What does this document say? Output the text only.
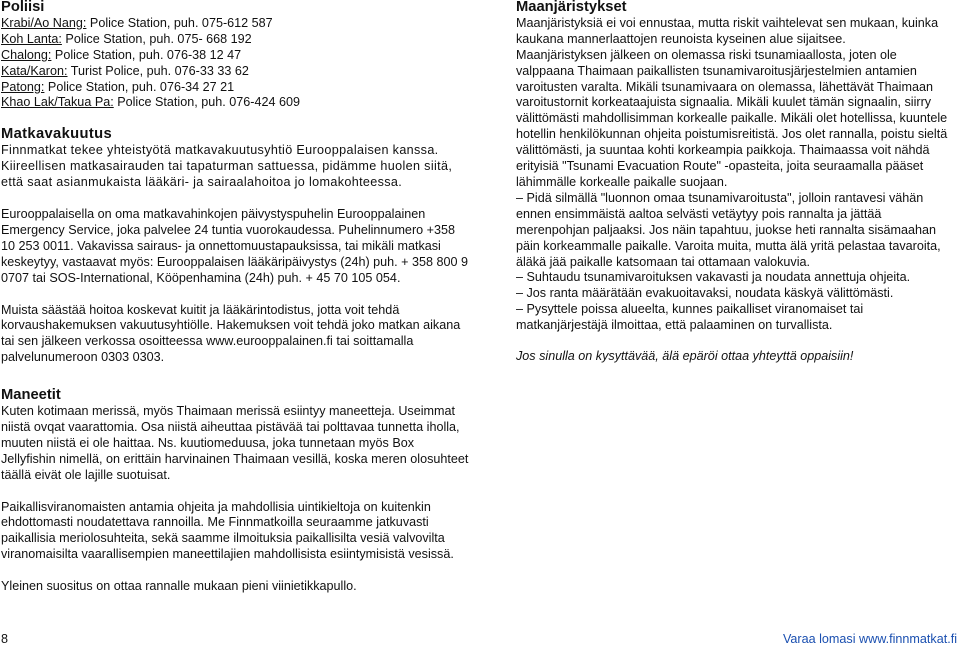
Poliisi

Krabi/Ao Nang: Police Station, puh. 075-612 587

Koh Lanta: Police Station, puh. 075- 668 192

Chalong: Police Station, puh. 076-38 12 47

Kata/Karon: Turist Police, puh. 076-33 33 62

Patong: Police Station, puh. 076-34 27 21

Khao Lak/Takua Pa: Police Station, puh. 076-424 609

Matkavakuutus

Finnmatkat tekee yhteistyötä matkavakuutusyhtiö Eurooppalaisen kanssa. Kiireellisen matkasairauden tai tapaturman sattuessa, pidämme huolen siitä, että saat asianmukaista lääkäri- ja sairaalahoitoa jo lomakohteessa.

Eurooppalaisella on oma matkavahinkojen päivystyspuhelin Eurooppalainen Emergency Service, joka palvelee 24 tuntia vuorokaudessa. Puhelinnumero +358 10 253 0011. Vakavissa sairaus- ja onnettomuustapauksissa, tai mikäli matkasi keskeytyy, vastaavat myös: Eurooppalaisen lääkäripäivystys (24h) puh. + 358 800 9 0707 tai SOS-International, Kööpenhamina (24h) puh. + 45 70 105 054.

Muista säästää hoitoa koskevat kuitit ja lääkärintodistus, jotta voit tehdä korvaushakemuksen vakuutusyhtiölle. Hakemuksen voit tehdä joko matkan aikana tai sen jälkeen verkossa osoitteessa www.eurooppalainen.fi tai soittamalla palvelunumeroon 0303 0303.

Maneetit

Kuten kotimaan merissä, myös Thaimaan merissä esiintyy maneetteja. Useimmat niistä ovqat vaarattomia. Osa niistä aiheuttaa pistävää tai polttavaa tunnetta iholla, muuten niistä ei ole haittaa. Ns. kuutiomeduusa, joka tunnetaan myös Box Jellyfishin nimellä, on erittäin harvinainen Thaimaan vesillä, koska meren olosuhteet täällä eivät ole lajille suotuisat.

Paikallisviranomaisten antamia ohjeita ja mahdollisia uintikieltoja on kuitenkin ehdottomasti noudatettava rannoilla. Me Finnmatkoilla seuraamme jatkuvasti paikallisia meriolosuhteita, sekä saamme ilmoituksia paikallisilta vesiä valvovilta viranomaisilta vaarallisempien maneettilajien mahdollisista esiintymisistä vesissä.

Yleinen suositus on ottaa rannalle mukaan pieni viinietikkapullo.

Maanjäristykset

Maanjäristyksiä ei voi ennustaa, mutta riskit vaihtelevat sen mukaan, kuinka kaukana mannerlaattojen reunoista kyseinen alue sijaitsee.

Maanjäristyksen jälkeen on olemassa riski tsunamiaallosta, joten ole valppaana Thaimaan paikallisten tsunamivaroitusjärjestelmien antamien varoitusten varalta. Mikäli tsunamivaara on olemassa, lähettävät Thaimaan varoitustornit korkeataajuista signaalia. Mikäli kuulet tämän signaalin, siirry välittömästi mahdollisimman korkealle paikalle. Mikäli olet hotellissa, kuuntele hotellin henkilökunnan ohjeita poistumisreitistä. Jos olet rannalla, poistu sieltä välittömästi, ja suuntaa kohti korkeampia paikkoja. Thaimaassa voit nähdä erityisiä "Tsunami Evacuation Route" -opasteita, joita seuraamalla pääset lähimmälle korkealle paikalle suojaan.

– Pidä silmällä "luonnon omaa tsunamivaroitusta", jolloin rantavesi vähän ennen ensimmäistä aaltoa selvästi vetäytyy pois rannalta ja jättää merenpohjan paljaaksi. Jos näin tapahtuu, juokse heti rannalta sisämaahan päin korkeammalle paikalle. Varoita muita, mutta älä yritä pelastaa tavaroita, äläkä jää paikalle katsomaan tai ottamaan valokuvia.

– Suhtaudu tsunamivaroituksen vakavasti ja noudata annettuja ohjeita.

– Jos ranta määrätään evakuoitavaksi, noudata käskyä välittömästi.

– Pysyttele poissa alueelta, kunnes paikalliset viranomaiset tai matkanjärjestäjä ilmoittaa, että palaaminen on turvallista.

Jos sinulla on kysyttävää, älä epäröi ottaa yhteyttä oppaisiin!

8	Varaa lomasi www.finnmatkat.fi
